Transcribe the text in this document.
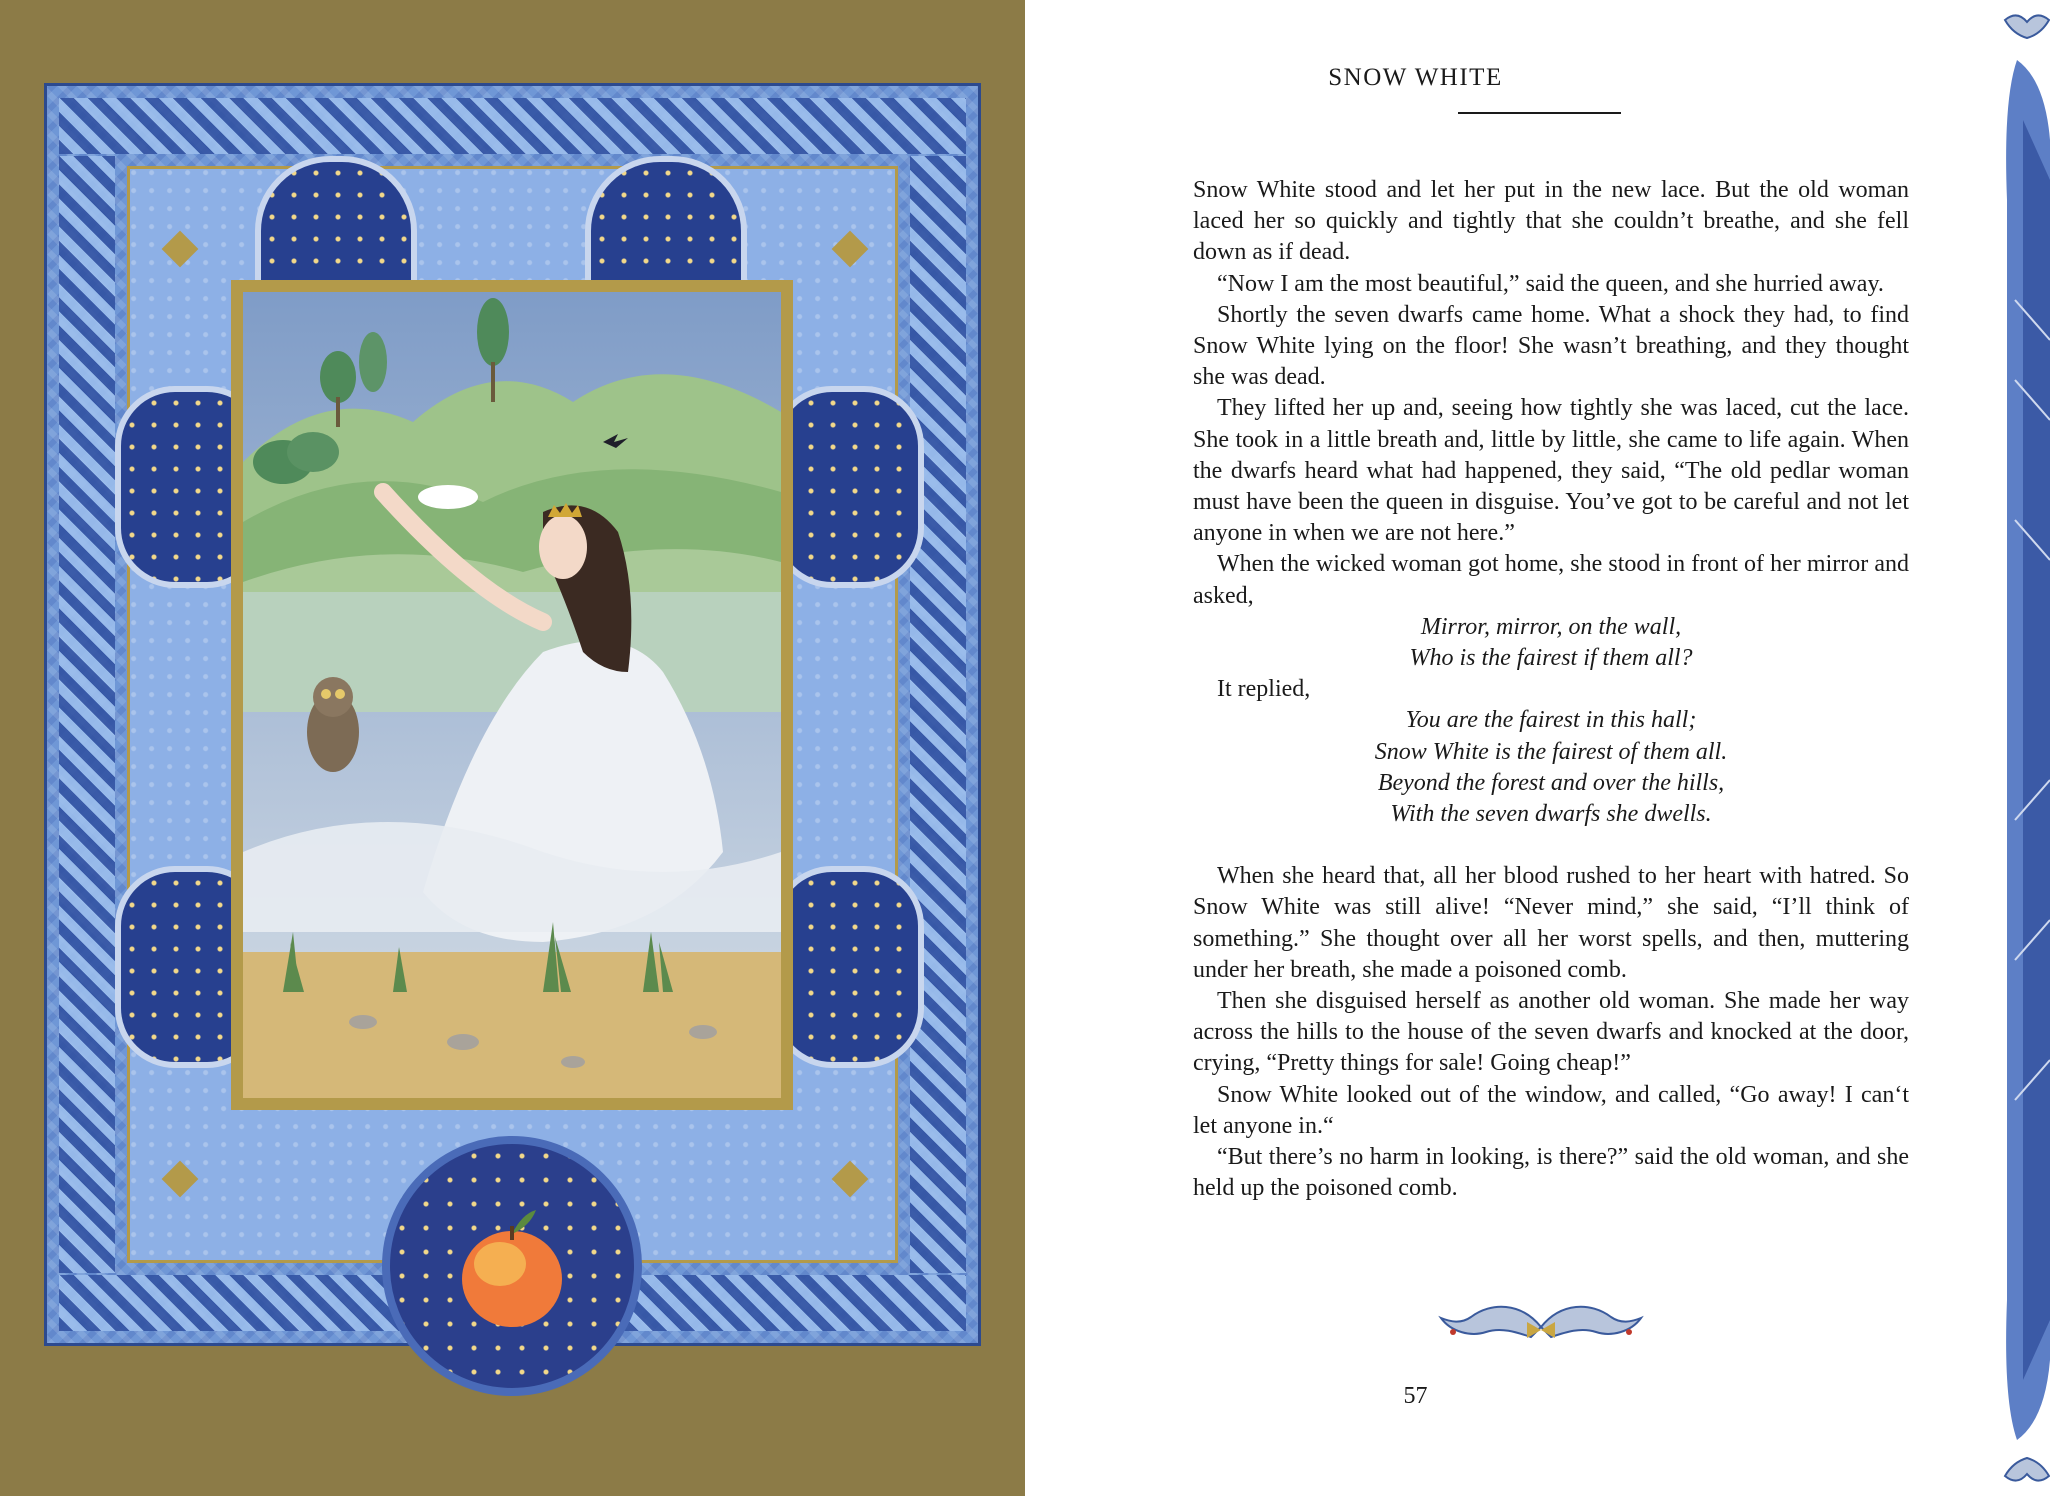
SNOW WHITE

Snow White stood and let her put in the new lace. But the old woman laced her so quickly and tightly that she couldn’t breathe, and she fell down as if dead.

“Now I am the most beautiful,” said the queen, and she hurried away.

Shortly the seven dwarfs came home. What a shock they had, to find Snow White lying on the floor! She wasn’t breathing, and they thought she was dead.

They lifted her up and, seeing how tightly she was laced, cut the lace. She took in a little breath and, little by little, she came to life again. When the dwarfs heard what had happened, they said, “The old pedlar woman must have been the queen in disguise. You’ve got to be careful and not let anyone in when we are not here.”

When the wicked woman got home, she stood in front of her mirror and asked,

Mirror, mirror, on the wall,
Who is the fairest if them all?

It replied,

You are the fairest in this hall;
Snow White is the fairest of them all.
Beyond the forest and over the hills,
With the seven dwarfs she dwells.

When she heard that, all her blood rushed to her heart with hatred. So Snow White was still alive! “Never mind,” she said, “I’ll think of something.” She thought over all her worst spells, and then, muttering under her breath, she made a poisoned comb.

Then she disguised herself as another old woman. She made her way across the hills to the house of the seven dwarfs and knocked at the door, crying, “Pretty things for sale! Going cheap!”

Snow White looked out of the window, and called, “Go away! I can‘t let anyone in.“

“But there’s no harm in looking, is there?” said the old woman, and she held up the poisoned comb.

57
